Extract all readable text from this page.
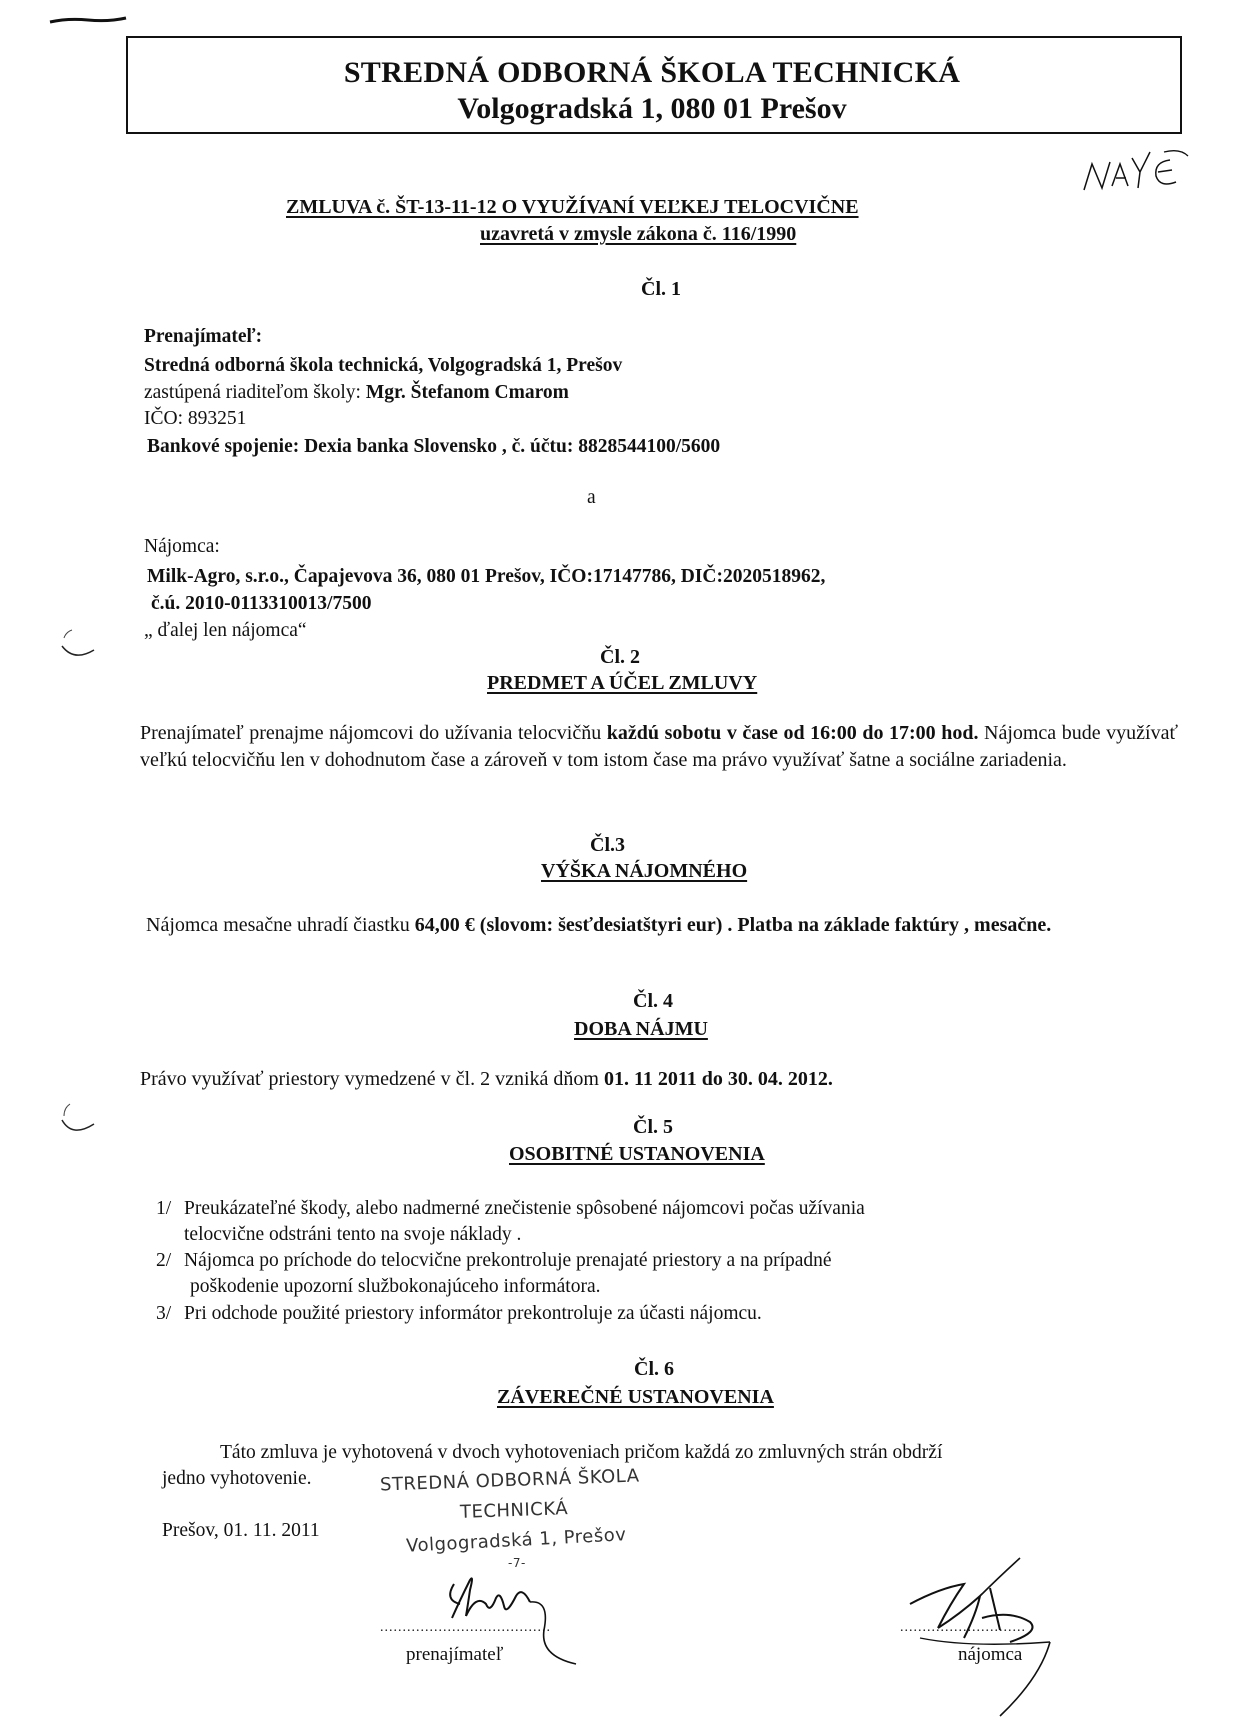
STREDNÁ ODBORNÁ ŠKOLA TECHNICKÁ
Volgogradská 1, 080 01 Prešov
ZMLUVA č. ŠT-13-11-12 O VYUŽÍVANÍ VEĽKEJ TELOCVIČNE
uzavretá v zmysle zákona č. 116/1990
Čl. 1
Prenajímateľ:
Stredná odborná škola technická, Volgogradská 1, Prešov
zastúpená riaditeľom školy: Mgr. Štefanom Cmarom
IČO: 893251
Bankové spojenie: Dexia banka Slovensko , č. účtu: 8828544100/5600
a
Nájomca:
Milk-Agro, s.r.o., Čapajevova 36, 080 01 Prešov, IČO:17147786, DIČ:2020518962,
č.ú. 2010-0113310013/7500
„ ďalej len nájomca“
Čl. 2
PREDMET A ÚČEL ZMLUVY
Prenajímateľ prenajme nájomcovi do užívania telocvičňu každú sobotu v čase od 16:00 do 17:00 hod. Nájomca bude využívať veľkú telocvičňu len v dohodnutom čase a zároveň v tom istom čase ma právo využívať šatne a sociálne zariadenia.
Čl.3
VÝŠKA NÁJOMNÉHO
Nájomca mesačne uhradí čiastku 64,00 € (slovom: šesťdesiatštyri eur) . Platba na základe faktúry , mesačne.
Čl. 4
DOBA NÁJMU
Právo využívať priestory vymedzené v čl. 2 vzniká dňom 01. 11 2011 do 30. 04. 2012.
Čl. 5
OSOBITNÉ USTANOVENIA
1/ Preukázateľné škody, alebo nadmerné znečistenie spôsobené nájomcovi počas užívania
telocvične odstráni tento na svoje náklady .
2/ Nájomca po príchode do telocvične prekontroluje prenajaté priestory a na prípadné
poškodenie upozorní službokonajúceho informátora.
3/ Pri odchode použité priestory informátor prekontroluje za účasti nájomcu.
Čl. 6
ZÁVEREČNÉ USTANOVENIA
Táto zmluva je vyhotovená v dvoch vyhotoveniach pričom každá zo zmluvných strán obdrží
jedno vyhotovenie.	STREDNÁ ODBORNÁ ŠKOLA
TECHNICKÁ
Volgogradská 1, Prešov
-7-
Prešov, 01. 11. 2011
......................................
prenajímateľ
............................
nájomca
